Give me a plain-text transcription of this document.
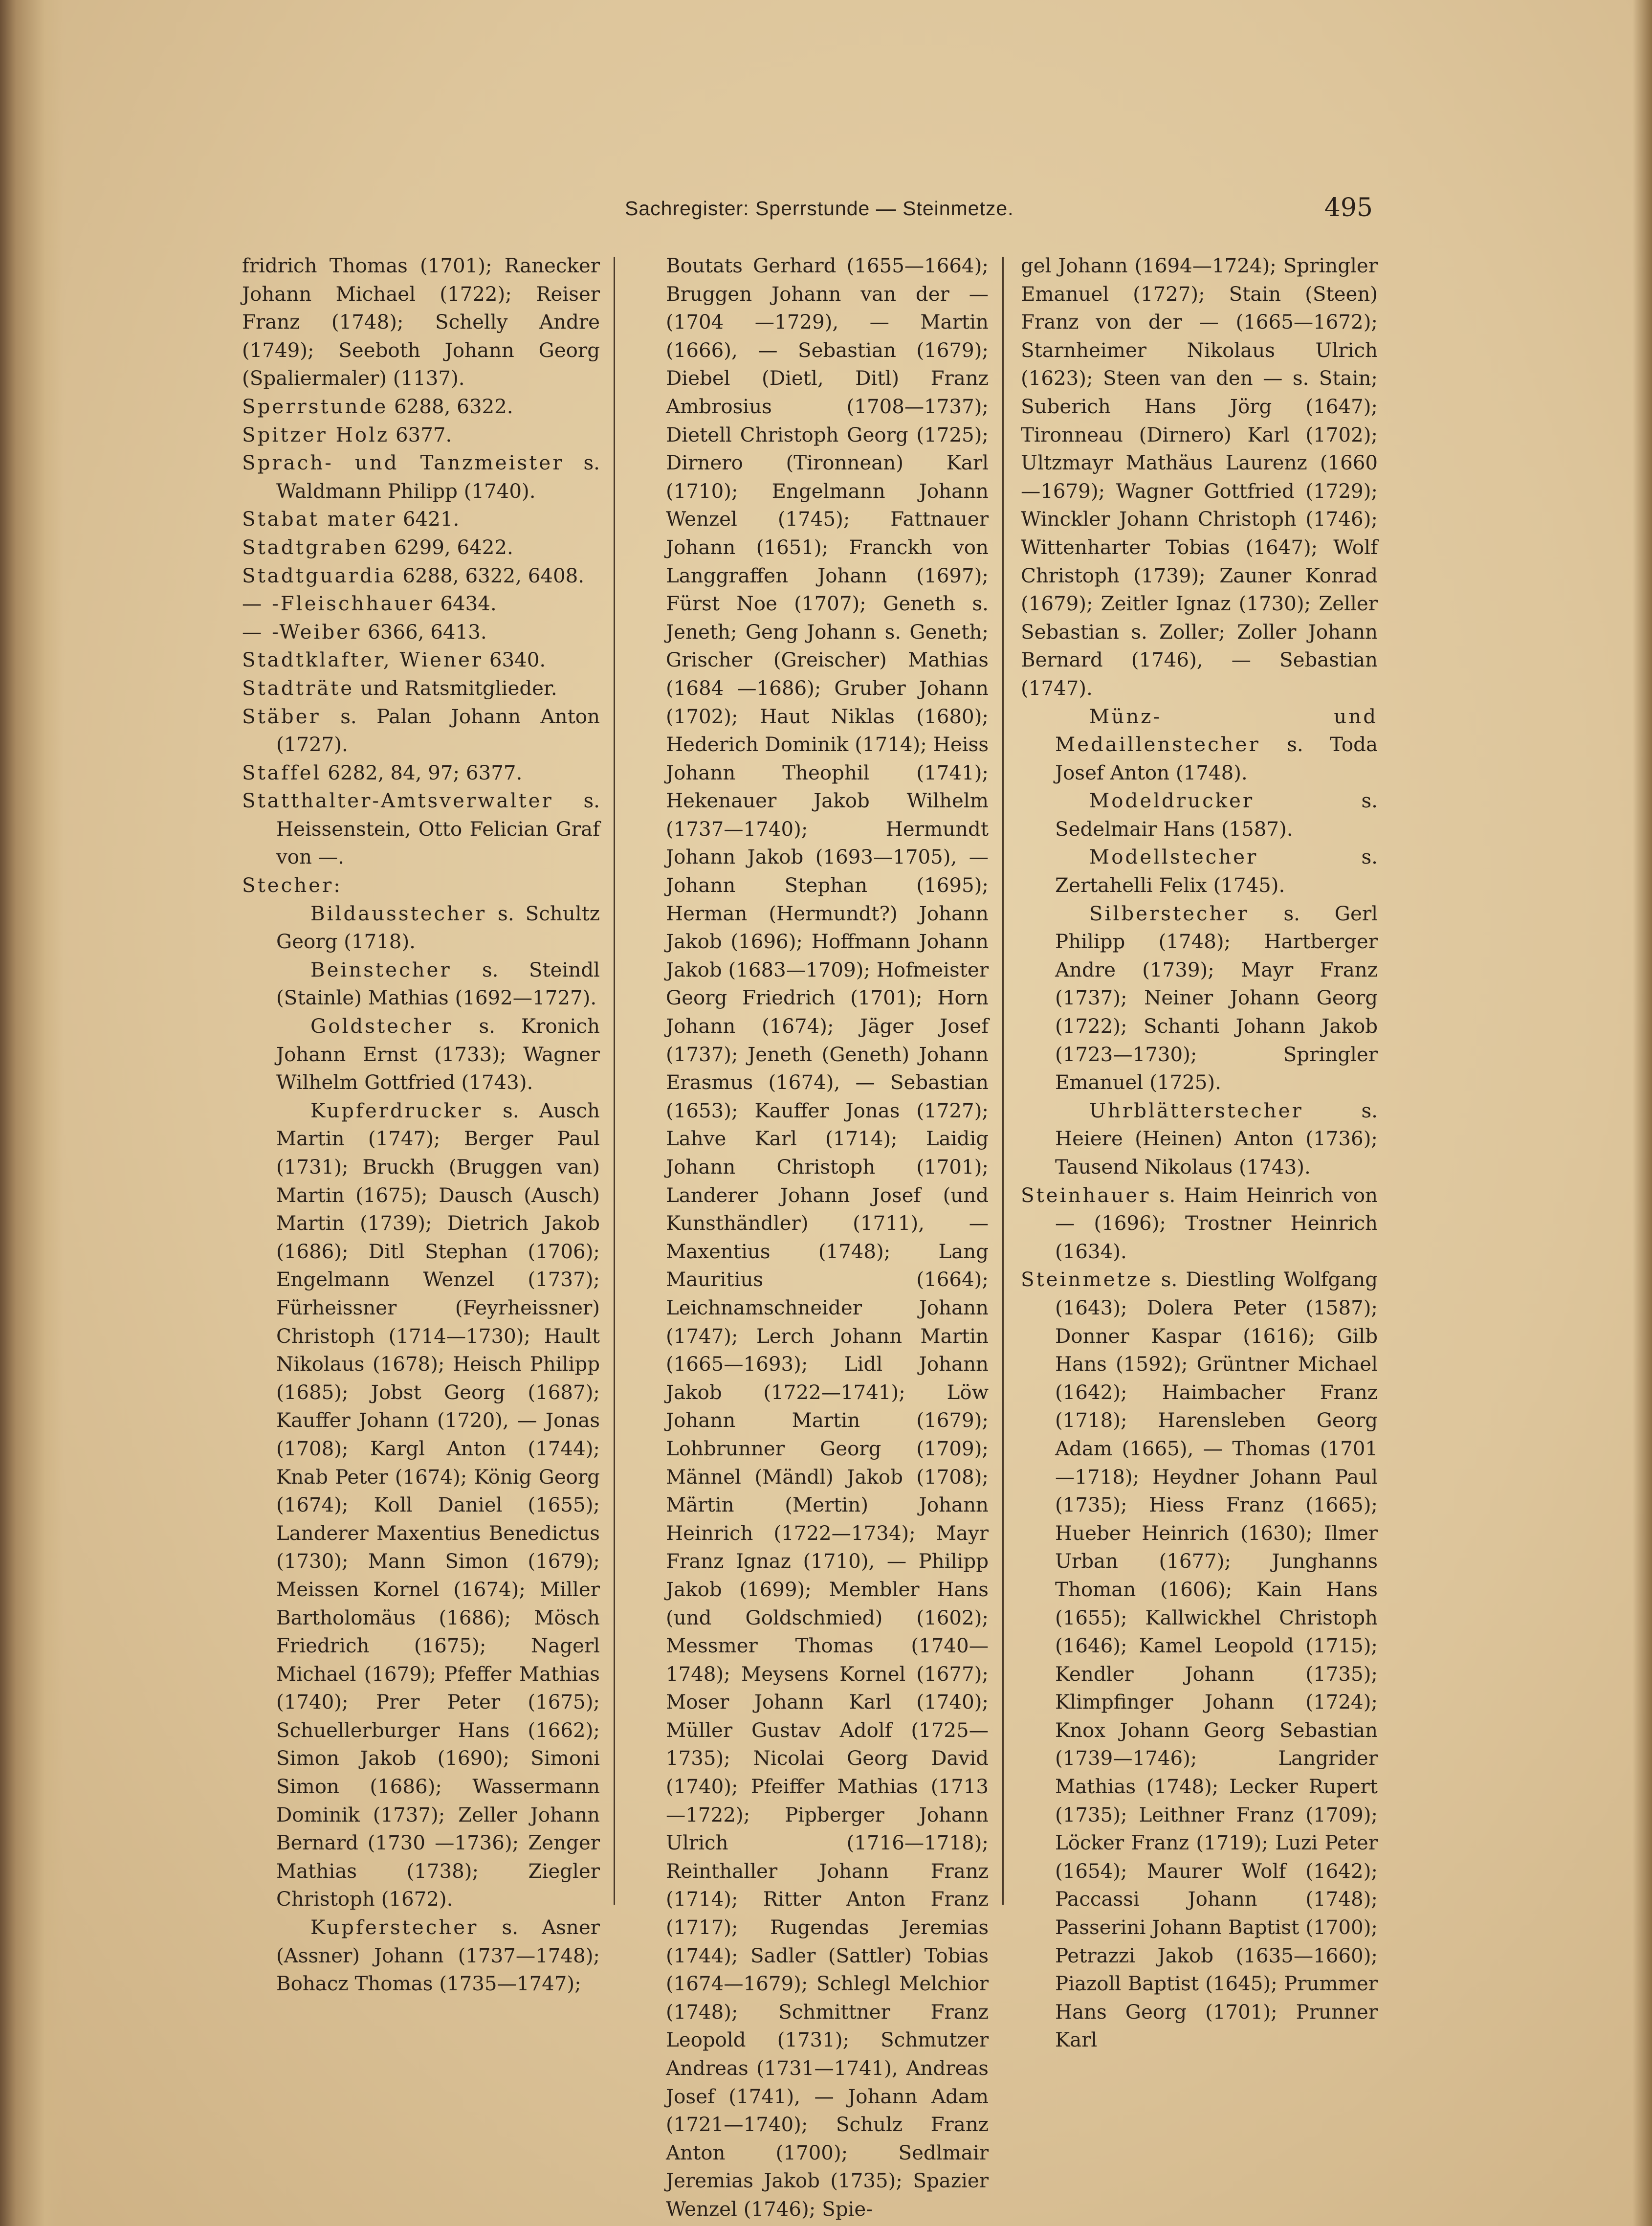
Sachregister: Sperrstunde — Steinmetze.	495

fridrich Thomas (1701); Ranecker Johann Michael (1722); Reiser Franz (1748); Schelly Andre (1749); Seeboth Johann Georg (Spaliermaler) (1137).

Sperrstunde 6288, 6322.

Spitzer Holz 6377.

Sprach- und Tanzmeister s. Waldmann Philipp (1740).

Stabat mater 6421.

Stadtgraben 6299, 6422.

Stadtguardia 6288, 6322, 6408.

— -Fleischhauer 6434.

— -Weiber 6366, 6413.

Stadtklafter, Wiener 6340.

Stadträte und Ratsmitglieder.

Stäber s. Palan Johann Anton (1727).

Staffel 6282, 84, 97; 6377.

Statthalter-Amtsverwalter s. Heissenstein, Otto Felician Graf von —.

Stecher:

Bildausstecher s. Schultz Georg (1718).

Beinstecher s. Steindl (Stainle) Mathias (1692—1727).

Goldstecher s. Kronich Johann Ernst (1733); Wagner Wilhelm Gottfried (1743).

Kupferdrucker s. Ausch Martin (1747); Berger Paul (1731); Bruckh (Bruggen van) Martin (1675); Dausch (Ausch) Martin (1739); Dietrich Jakob (1686); Ditl Stephan (1706); Engelmann Wenzel (1737); Fürheissner (Feyrheissner) Christoph (1714—1730); Hault Nikolaus (1678); Heisch Philipp (1685); Jobst Georg (1687); Kauffer Johann (1720), — Jonas (1708); Kargl Anton (1744); Knab Peter (1674); König Georg (1674); Koll Daniel (1655); Landerer Maxentius Benedictus (1730); Mann Simon (1679); Meissen Kornel (1674); Miller Bartholomäus (1686); Mösch Friedrich (1675); Nagerl Michael (1679); Pfeffer Mathias (1740); Prer Peter (1675); Schuellerburger Hans (1662); Simon Jakob (1690); Simoni Simon (1686); Wassermann Dominik (1737); Zeller Johann Bernard (1730 —1736); Zenger Mathias (1738); Ziegler Christoph (1672).

Kupferstecher s. Asner (Assner) Johann (1737—1748); Bohacz Thomas (1735—1747);

Boutats Gerhard (1655—1664); Bruggen Johann van der — (1704 —1729), — Martin (1666), — Sebastian (1679); Diebel (Dietl, Ditl) Franz Ambrosius (1708—1737); Dietell Christoph Georg (1725); Dirnero (Tironnean) Karl (1710); Engelmann Johann Wenzel (1745); Fattnauer Johann (1651); Franckh von Langgraffen Johann (1697); Fürst Noe (1707); Geneth s. Jeneth; Geng Johann s. Geneth; Grischer (Greischer) Mathias (1684 —1686); Gruber Johann (1702); Haut Niklas (1680); Hederich Dominik (1714); Heiss Johann Theophil (1741); Hekenauer Jakob Wilhelm (1737—1740); Hermundt Johann Jakob (1693—1705), — Johann Stephan (1695); Herman (Hermundt?) Johann Jakob (1696); Hoffmann Johann Jakob (1683—1709); Hofmeister Georg Friedrich (1701); Horn Johann (1674); Jäger Josef (1737); Jeneth (Geneth) Johann Erasmus (1674), — Sebastian (1653); Kauffer Jonas (1727); Lahve Karl (1714); Laidig Johann Christoph (1701); Landerer Johann Josef (und Kunsthändler) (1711), — Maxentius (1748); Lang Mauritius (1664); Leichnamschneider Johann (1747); Lerch Johann Martin (1665—1693); Lidl Johann Jakob (1722—1741); Löw Johann Martin (1679); Lohbrunner Georg (1709); Männel (Mändl) Jakob (1708); Märtin (Mertin) Johann Heinrich (1722—1734); Mayr Franz Ignaz (1710), — Philipp Jakob (1699); Membler Hans (und Goldschmied) (1602); Messmer Thomas (1740—1748); Meysens Kornel (1677); Moser Johann Karl (1740); Müller Gustav Adolf (1725—1735); Nicolai Georg David (1740); Pfeiffer Mathias (1713—1722); Pipberger Johann Ulrich (1716—1718); Reinthaller Johann Franz (1714); Ritter Anton Franz (1717); Rugendas Jeremias (1744); Sadler (Sattler) Tobias (1674—1679); Schlegl Melchior (1748); Schmittner Franz Leopold (1731); Schmutzer Andreas (1731—1741), Andreas Josef (1741), — Johann Adam (1721—1740); Schulz Franz Anton (1700); Sedlmair Jeremias Jakob (1735); Spazier Wenzel (1746); Spie-

gel Johann (1694—1724); Springler Emanuel (1727); Stain (Steen) Franz von der — (1665—1672); Starnheimer Nikolaus Ulrich (1623); Steen van den — s. Stain; Suberich Hans Jörg (1647); Tironneau (Dirnero) Karl (1702); Ultzmayr Mathäus Laurenz (1660—1679); Wagner Gottfried (1729); Winckler Johann Christoph (1746); Wittenharter Tobias (1647); Wolf Christoph (1739); Zauner Konrad (1679); Zeitler Ignaz (1730); Zeller Sebastian s. Zoller; Zoller Johann Bernard (1746), — Sebastian (1747).

Münz- und Medaillenstecher s. Toda Josef Anton (1748).

Modeldrucker s. Sedelmair Hans (1587).

Modellstecher s. Zertahelli Felix (1745).

Silberstecher s. Gerl Philipp (1748); Hartberger Andre (1739); Mayr Franz (1737); Neiner Johann Georg (1722); Schanti Johann Jakob (1723—1730); Springler Emanuel (1725).

Uhrblätterstecher s. Heiere (Heinen) Anton (1736); Tausend Nikolaus (1743).

Steinhauer s. Haim Heinrich von — (1696); Trostner Heinrich (1634).

Steinmetze s. Diestling Wolfgang (1643); Dolera Peter (1587); Donner Kaspar (1616); Gilb Hans (1592); Grüntner Michael (1642); Haimbacher Franz (1718); Harensleben Georg Adam (1665), — Thomas (1701—1718); Heydner Johann Paul (1735); Hiess Franz (1665); Hueber Heinrich (1630); Ilmer Urban (1677); Junghanns Thoman (1606); Kain Hans (1655); Kallwickhel Christoph (1646); Kamel Leopold (1715); Kendler Johann (1735); Klimpfinger Johann (1724); Knox Johann Georg Sebastian (1739—1746); Langrider Mathias (1748); Lecker Rupert (1735); Leithner Franz (1709); Löcker Franz (1719); Luzi Peter (1654); Maurer Wolf (1642); Paccassi Johann (1748); Passerini Johann Baptist (1700); Petrazzi Jakob (1635—1660); Piazoll Baptist (1645); Prummer Hans Georg (1701); Prunner Karl
